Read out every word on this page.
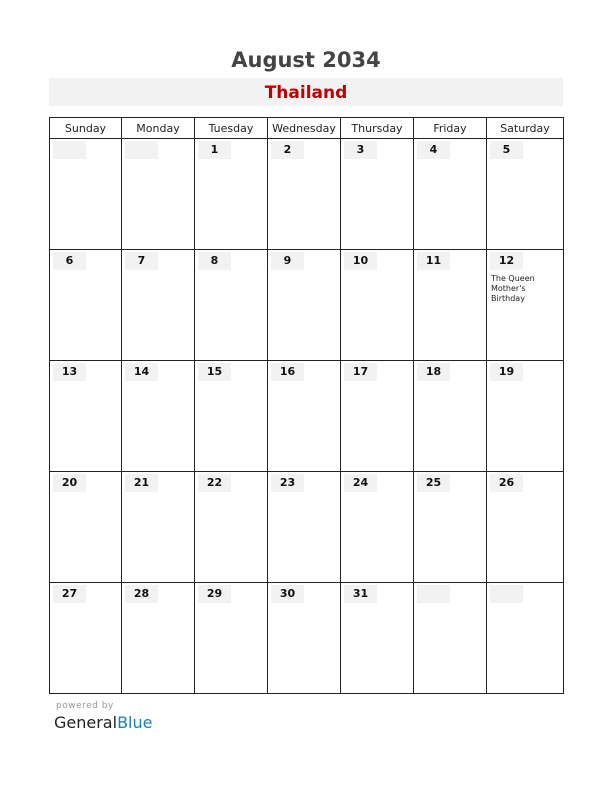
August 2034
Thailand
Sunday	Monday	Tuesday	Wednesday	Thursday	Friday	Saturday

		1	2	3	4	5

6	7	8	9	10	11	12
The Queen Mother's Birthday

13	14	15	16	17	18	19

20	21	22	23	24	25	26

27	28	29	30	31		

powered by
GeneralBlue
